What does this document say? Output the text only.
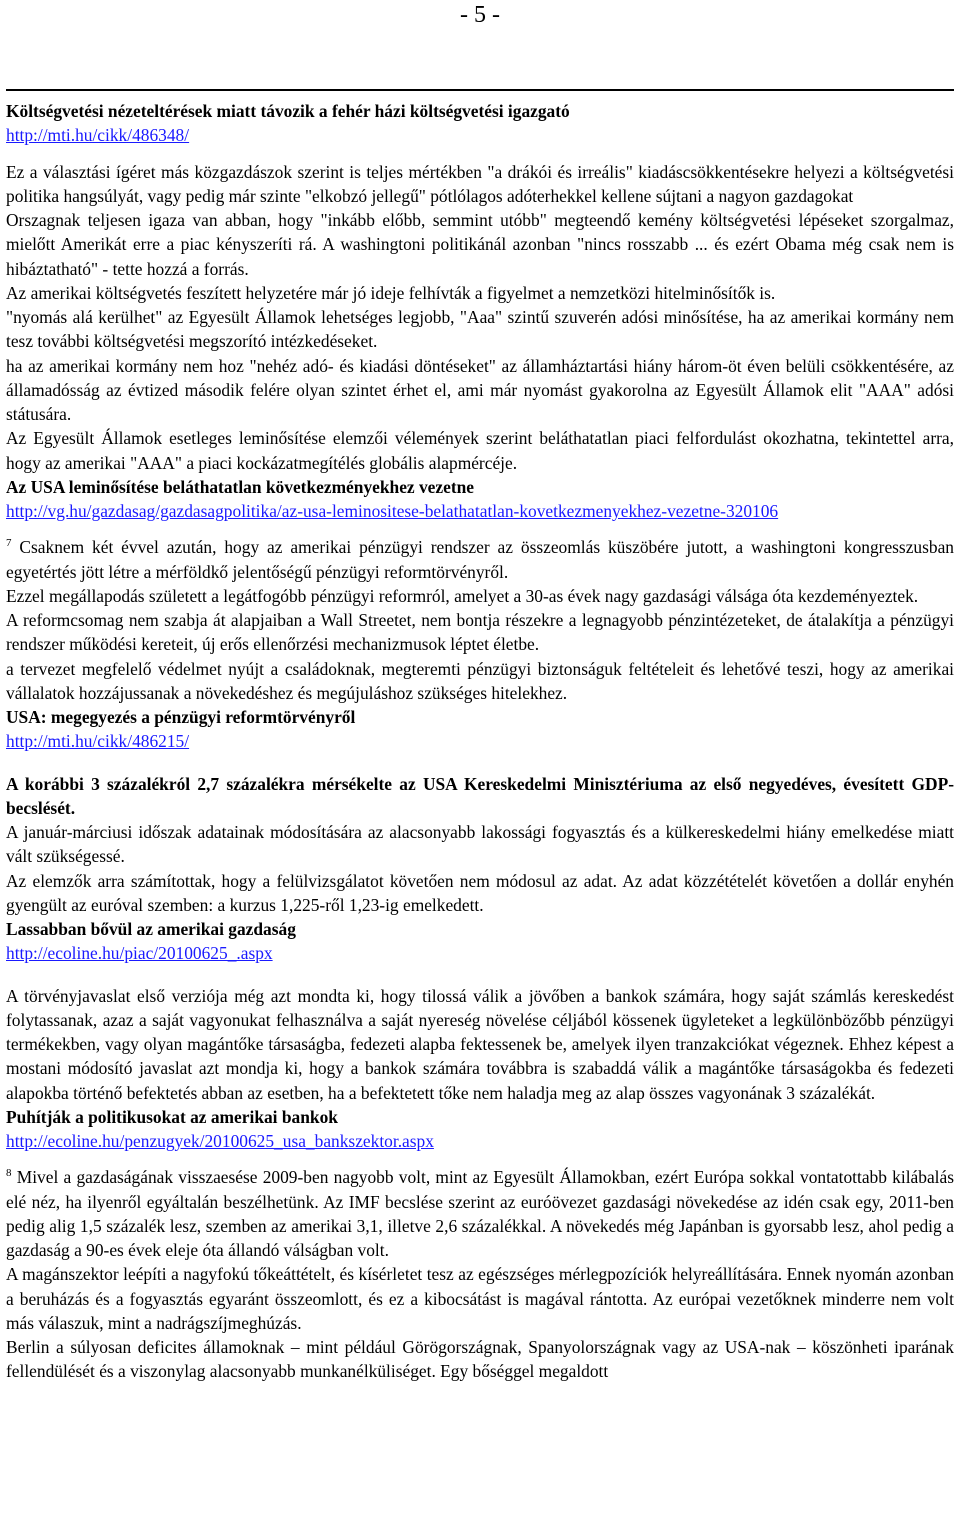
- 5 -

Költségvetési nézeteltérések miatt távozik a fehér házi költségvetési igazgató

http://mti.hu/cikk/486348/

Ez a választási ígéret más közgazdászok szerint is teljes mértékben "a drákói és irreális" kiadáscsökkentésekre helyezi a költségvetési politika hangsúlyát, vagy pedig már szinte "elkobzó jellegű" pótlólagos adóterhekkel kellene sújtani a nagyon gazdagokat

Orszagnak teljesen igaza van abban, hogy "inkább előbb, semmint utóbb" megteendő kemény költségvetési lépéseket szorgalmaz, mielőtt Amerikát erre a piac kényszeríti rá. A washingtoni politikánál azonban "nincs rosszabb ... és ezért Obama még csak nem is hibáztatható" - tette hozzá a forrás.

Az amerikai költségvetés feszített helyzetére már jó ideje felhívták a figyelmet a nemzetközi hitelminősítők is.

"nyomás alá kerülhet" az Egyesült Államok lehetséges legjobb, "Aaa" szintű szuverén adósi minősítése, ha az amerikai kormány nem tesz további költségvetési megszorító intézkedéseket.

ha az amerikai kormány nem hoz "nehéz adó- és kiadási döntéseket" az államháztartási hiány három-öt éven belüli csökkentésére, az államadósság az évtized második felére olyan szintet érhet el, ami már nyomást gyakorolna az Egyesült Államok elit "AAA" adósi státusára.

Az Egyesült Államok esetleges leminősítése elemzői vélemények szerint beláthatatlan piaci felfordulást okozhatna, tekintettel arra, hogy az amerikai "AAA" a piaci kockázatmegítélés globális alapmércéje.

Az USA leminősítése beláthatatlan következményekhez vezetne

http://vg.hu/gazdasag/gazdasagpolitika/az-usa-leminositese-belathatatlan-kovetkezmenyekhez-vezetne-320106

$^7$ Csaknem két évvel azután, hogy az amerikai pénzügyi rendszer az összeomlás küszöbére jutott, a washingtoni kongresszusban egyetértés jött létre a mérföldkő jelentőségű pénzügyi reformtörvényről.

Ezzel megállapodás született a legátfogóbb pénzügyi reformról, amelyet a 30-as évek nagy gazdasági válsága óta kezdeményeztek.

A reformcsomag nem szabja át alapjaiban a Wall Streetet, nem bontja részekre a legnagyobb pénzintézeteket, de átalakítja a pénzügyi rendszer működési kereteit, új erős ellenőrzési mechanizmusok léptet életbe.

a tervezet megfelelő védelmet nyújt a családoknak, megteremti pénzügyi biztonságuk feltételeit és lehetővé teszi, hogy az amerikai vállalatok hozzájussanak a növekedéshez és megújuláshoz szükséges hitelekhez.

USA: megegyezés a pénzügyi reformtörvényről

http://mti.hu/cikk/486215/

A korábbi 3 százalékról 2,7 százalékra mérsékelte az USA Kereskedelmi Minisztériuma az első negyedéves, évesített GDP-becslését.

A január-márciusi időszak adatainak módosítására az alacsonyabb lakossági fogyasztás és a külkereskedelmi hiány emelkedése miatt vált szükségessé.

Az elemzők arra számítottak, hogy a felülvizsgálatot követően nem módosul az adat. Az adat közzétételét követően a dollár enyhén gyengült az euróval szemben: a kurzus 1,225-ről 1,23-ig emelkedett.

Lassabban bővül az amerikai gazdaság

http://ecoline.hu/piac/20100625_.aspx

A törvényjavaslat első verziója még azt mondta ki, hogy tilossá válik a jövőben a bankok számára, hogy saját számlás kereskedést folytassanak, azaz a saját vagyonukat felhasználva a saját nyereség növelése céljából kössenek ügyleteket a legkülönbözőbb pénzügyi termékekben, vagy olyan magántőke társaságba, fedezeti alapba fektessenek be, amelyek ilyen tranzakciókat végeznek. Ehhez képest a mostani módosító javaslat azt mondja ki, hogy a bankok számára továbbra is szabaddá válik a magántőke társaságokba és fedezeti alapokba történő befektetés abban az esetben, ha a befektetett tőke nem haladja meg az alap összes vagyonának 3 százalékát.

Puhítják a politikusokat az amerikai bankok

http://ecoline.hu/penzugyek/20100625_usa_bankszektor.aspx

$^8$ Mivel a gazdaságának visszaesése 2009-ben nagyobb volt, mint az Egyesült Államokban, ezért Európa sokkal vontatottabb kilábalás elé néz, ha ilyenről egyáltalán beszélhetünk. Az IMF becslése szerint az euróövezet gazdasági növekedése az idén csak egy, 2011-ben pedig alig 1,5 százalék lesz, szemben az amerikai 3,1, illetve 2,6 százalékkal. A növekedés még Japánban is gyorsabb lesz, ahol pedig a gazdaság a 90-es évek eleje óta állandó válságban volt.

A magánszektor leépíti a nagyfokú tőkeáttételt, és kísérletet tesz az egészséges mérlegpozíciók helyreállítására. Ennek nyomán azonban a beruházás és a fogyasztás egyaránt összeomlott, és ez a kibocsátást is magával rántotta. Az európai vezetőknek minderre nem volt más válaszuk, mint a nadrágszíjmeghúzás.

Berlin a súlyosan deficites államoknak – mint például Görögországnak, Spanyolországnak vagy az USA-nak – köszönheti iparának fellendülését és a viszonylag alacsonyabb munkanélküliséget. Egy bőséggel megaldott
